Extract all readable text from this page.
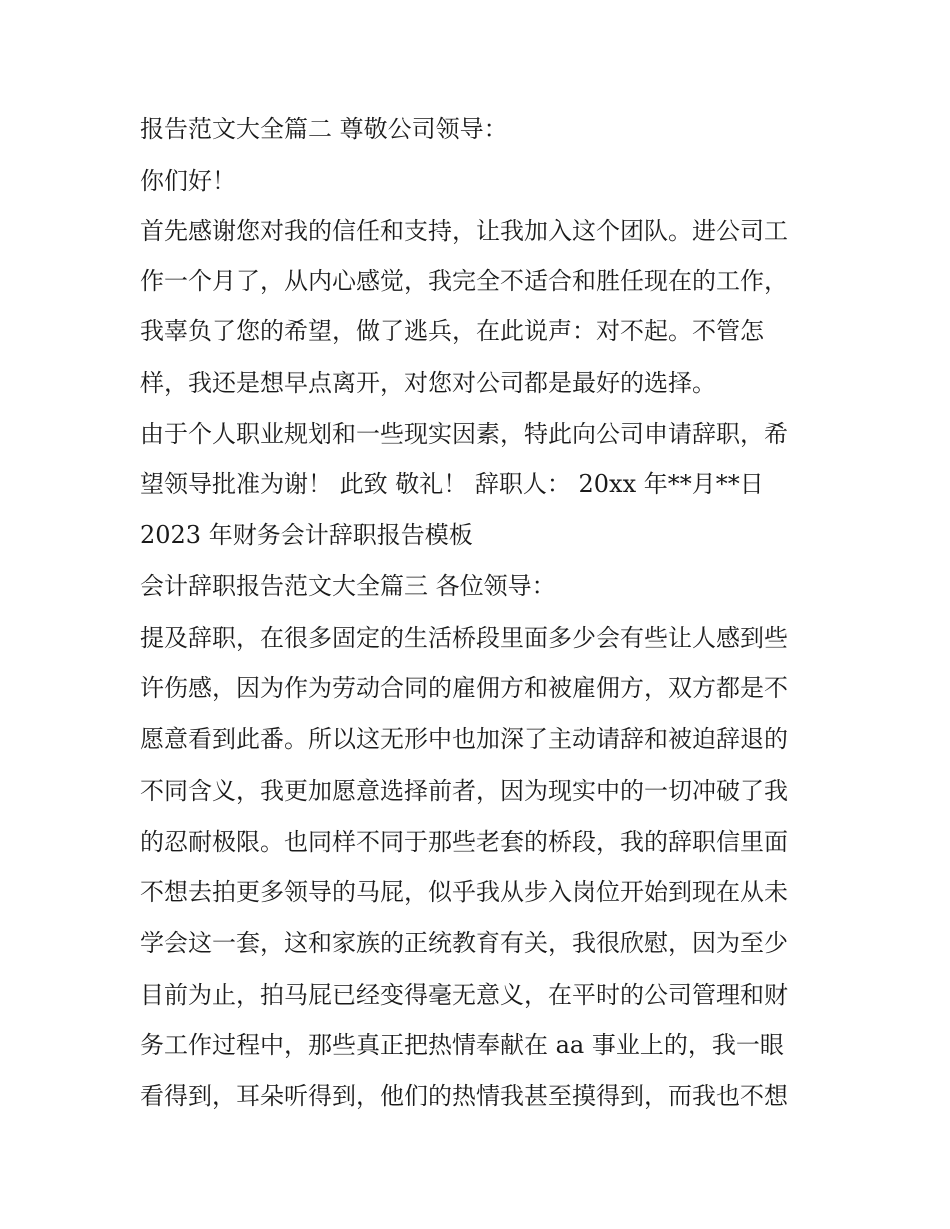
报告范文大全篇二 尊敬公司领导：
你们好！
首先感谢您对我的信任和支持，让我加入这个团队。进公司工
作一个月了，从内心感觉，我完全不适合和胜任现在的工作，
我辜负了您的希望，做了逃兵，在此说声：对不起。不管怎
样，我还是想早点离开，对您对公司都是最好的选择。
由于个人职业规划和一些现实因素，特此向公司申请辞职，希
望领导批准为谢！ 此致 敬礼！ 辞职人： 20xx 年**月**日
2023 年财务会计辞职报告模板
会计辞职报告范文大全篇三 各位领导：
提及辞职，在很多固定的生活桥段里面多少会有些让人感到些
许伤感，因为作为劳动合同的雇佣方和被雇佣方，双方都是不
愿意看到此番。所以这无形中也加深了主动请辞和被迫辞退的
不同含义，我更加愿意选择前者，因为现实中的一切冲破了我
的忍耐极限。也同样不同于那些老套的桥段，我的辞职信里面
不想去拍更多领导的马屁，似乎我从步入岗位开始到现在从未
学会这一套，这和家族的正统教育有关，我很欣慰，因为至少
目前为止，拍马屁已经变得毫无意义，在平时的公司管理和财
务工作过程中，那些真正把热情奉献在 aa 事业上的，我一眼
看得到，耳朵听得到，他们的热情我甚至摸得到，而我也不想
